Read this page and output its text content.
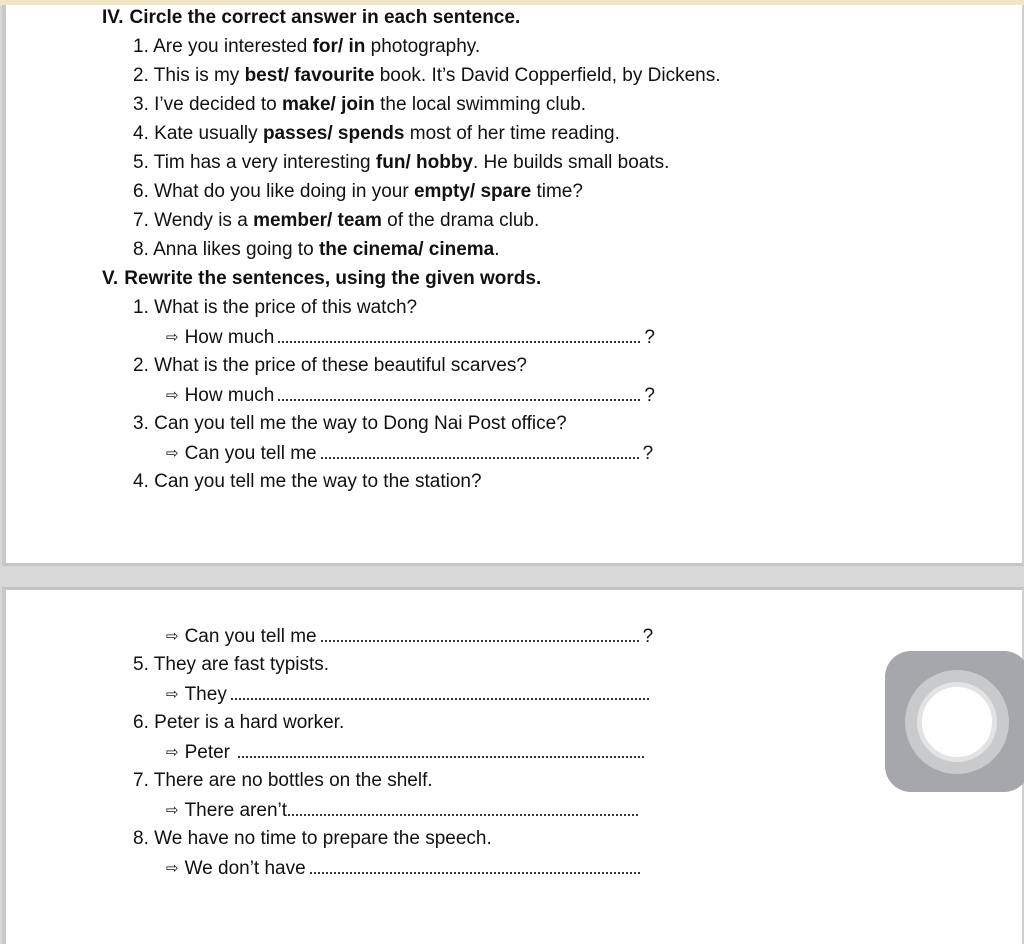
IV. Circle the correct answer in each sentence.
1. Are you interested for/ in photography.
2. This is my best/ favourite book. It’s David Copperfield, by Dickens.
3. I’ve decided to make/ join the local swimming club.
4. Kate usually passes/ spends most of her time reading.
5. Tim has a very interesting fun/ hobby. He builds small boats.
6. What do you like doing in your empty/ spare time?
7. Wendy is a member/ team of the drama club.
8. Anna likes going to the cinema/ cinema.
V. Rewrite the sentences, using the given words.
1. What is the price of this watch?
⇨ How much	?
2. What is the price of these beautiful scarves?
⇨ How much	?
3. Can you tell me the way to Dong Nai Post office?
⇨ Can you tell me	?
4. Can you tell me the way to the station?
⇨ Can you tell me	?
5. They are fast typists.
⇨ They
6. Peter is a hard worker.
⇨ Peter
7. There are no bottles on the shelf.
⇨ There aren’t
8. We have no time to prepare the speech.
⇨ We don’t have
